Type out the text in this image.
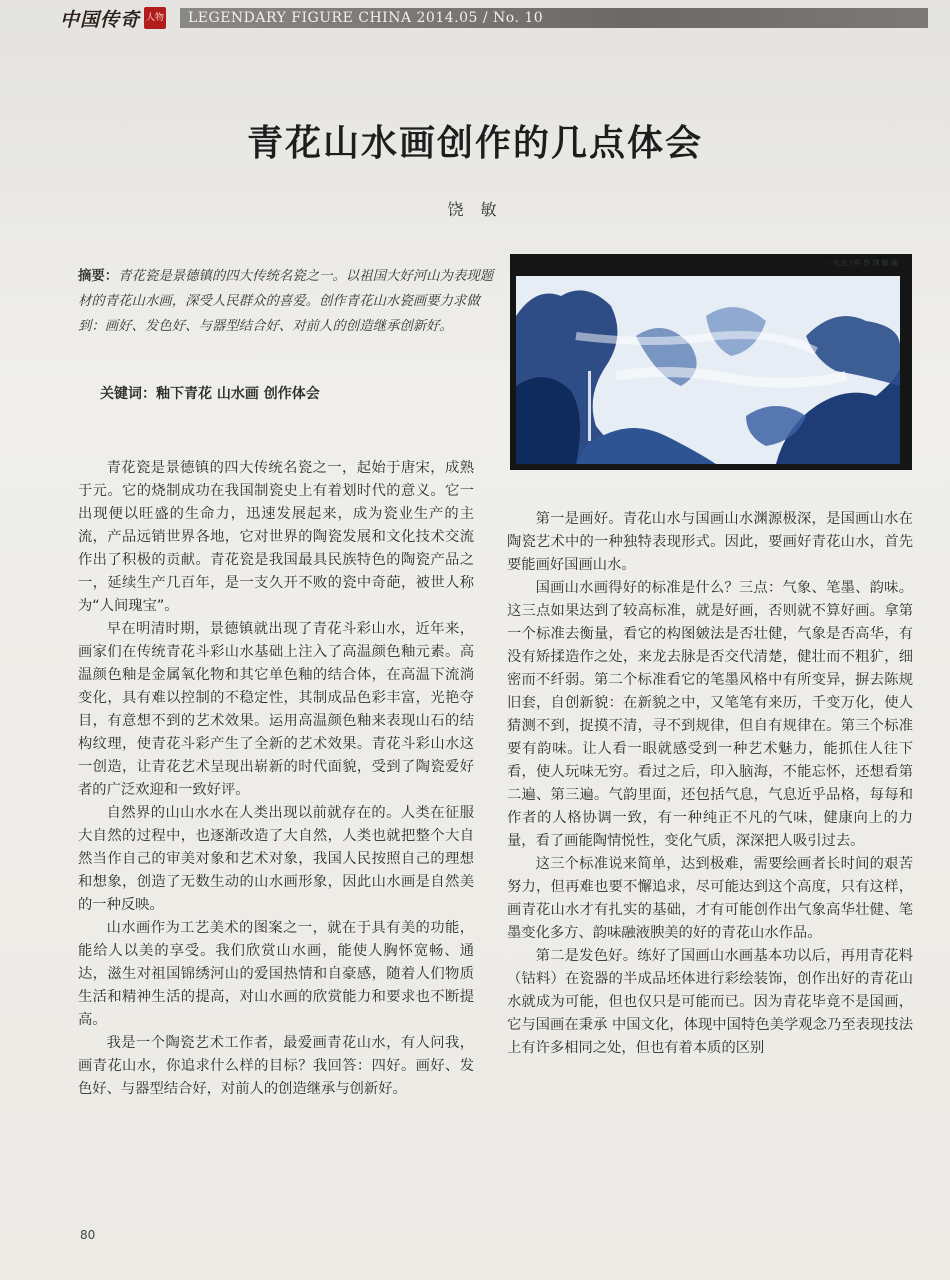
中国传奇 人物 LEGENDARY FIGURE CHINA 2014.05 / No. 10
青花山水画创作的几点体会
饶 敏
摘要：青花瓷是景德镇的四大传统名瓷之一。以祖国大好河山为表现题材的青花山水画，深受人民群众的喜爱。创作青花山水瓷画要力求做到：画好、发色好、与器型结合好、对前人的创造继承创新好。
关键词：釉下青花 山水画 创作体会
一九五三年 作 饶 敏 画

青花瓷是景德镇的四大传统名瓷之一，起始于唐宋，成熟于元。它的烧制成功在我国制瓷史上有着划时代的意义。它一出现便以旺盛的生命力，迅速发展起来，成为瓷业生产的主流，产品远销世界各地，它对世界的陶瓷发展和文化技术交流作出了积极的贡献。青花瓷是我国最具民族特色的陶瓷产品之一，延续生产几百年，是一支久开不败的瓷中奇葩，被世人称为“人间瑰宝”。

早在明清时期，景德镇就出现了青花斗彩山水，近年来，画家们在传统青花斗彩山水基础上注入了高温颜色釉元素。高温颜色釉是金属氧化物和其它单色釉的结合体，在高温下流淌变化，具有难以控制的不稳定性，其制成品色彩丰富，光艳夺目，有意想不到的艺术效果。运用高温颜色釉来表现山石的结构纹理，使青花斗彩产生了全新的艺术效果。青花斗彩山水这一创造，让青花艺术呈现出崭新的时代面貌，受到了陶瓷爱好者的广泛欢迎和一致好评。

自然界的山山水水在人类出现以前就存在的。人类在征服大自然的过程中，也逐渐改造了大自然，人类也就把整个大自然当作自己的审美对象和艺术对象，我国人民按照自己的理想和想象，创造了无数生动的山水画形象，因此山水画是自然美的一种反映。

山水画作为工艺美术的图案之一，就在于具有美的功能，能给人以美的享受。我们欣赏山水画，能使人胸怀宽畅、通达，滋生对祖国锦绣河山的爱国热情和自豪感，随着人们物质生活和精神生活的提高，对山水画的欣赏能力和要求也不断提高。

我是一个陶瓷艺术工作者，最爱画青花山水，有人问我，画青花山水，你追求什么样的目标？我回答：四好。画好、发色好、与器型结合好，对前人的创造继承与创新好。

第一是画好。青花山水与国画山水渊源极深，是国画山水在陶瓷艺术中的一种独特表现形式。因此，要画好青花山水，首先要能画好国画山水。

国画山水画得好的标准是什么？三点：气象、笔墨、韵味。这三点如果达到了较高标准，就是好画，否则就不算好画。拿第一个标准去衡量，看它的构图皴法是否壮健，气象是否高华，有没有矫揉造作之处，来龙去脉是否交代清楚，健壮而不粗犷，细密而不纤弱。第二个标准看它的笔墨风格中有所变异，摒去陈规旧套，自创新貌：在新貌之中，又笔笔有来历，千变万化，使人猜测不到，捉摸不清，寻不到规律，但自有规律在。第三个标准要有韵味。让人看一眼就感受到一种艺术魅力，能抓住人往下看，使人玩味无穷。看过之后，印入脑海，不能忘怀，还想看第二遍、第三遍。气韵里面，还包括气息，气息近乎品格，每每和作者的人格协调一致，有一种纯正不凡的气味，健康向上的力量，看了画能陶情悦性，变化气质，深深把人吸引过去。

这三个标准说来简单，达到极难，需要绘画者长时间的艰苦努力，但再难也要不懈追求，尽可能达到这个高度，只有这样，画青花山水才有扎实的基础，才有可能创作出气象高华壮健、笔墨变化多方、韵味融液腴美的好的青花山水作品。

第二是发色好。练好了国画山水画基本功以后，再用青花料（钴料）在瓷器的半成品坯体进行彩绘装饰，创作出好的青花山水就成为可能，但也仅只是可能而已。因为青花毕竟不是国画，它与国画在秉承 中国文化，体现中国特色美学观念乃至表现技法上有许多相同之处，但也有着本质的区别

80
